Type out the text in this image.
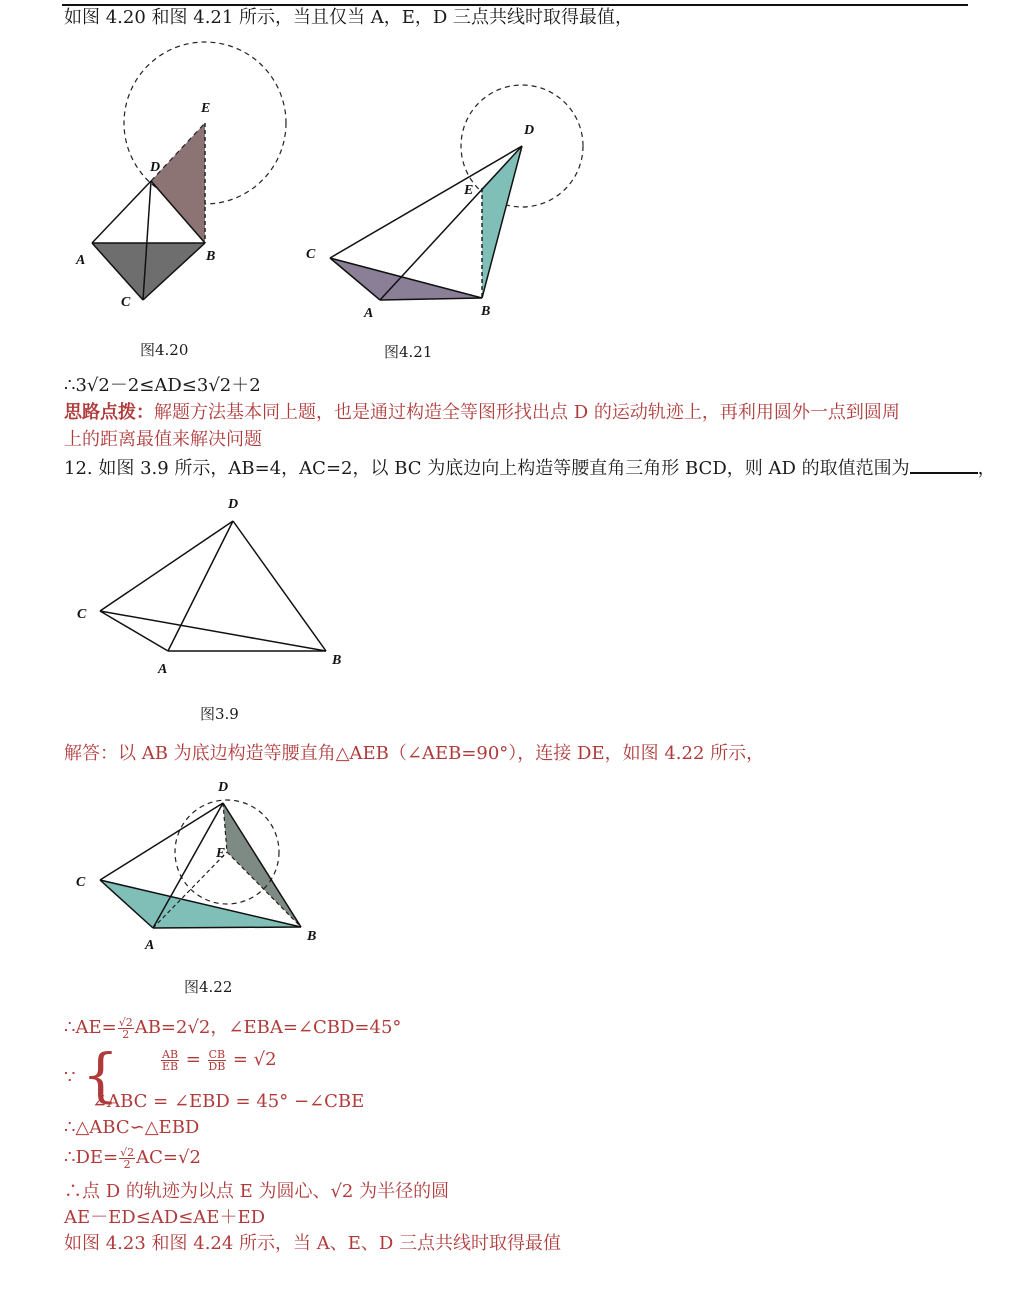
如图 4.20 和图 4.21 所示，当且仅当 A，E，D 三点共线时取得最值，
E
D
A	B
C
图4.20
D
E
C
A	B
图4.21
∴3√2－2≤AD≤3√2＋2
思路点拨：解题方法基本同上题，也是通过构造全等图形找出点 D 的运动轨迹上，再利用圆外一点到圆周
上的距离最值来解决问题
12. 如图 3.9 所示，AB=4，AC=2，以 BC 为底边向上构造等腰直角三角形 BCD，则 AD 的取值范围为	，
D
C
A
B
图3.9
解答：以 AB 为底边构造等腰直角△AEB（∠AEB=90°），连接 DE，如图 4.22 所示，
D
E
C
A
B
图4.22
∴AE= $\frac{√2}{2} AB=2√2$，∠EBA=∠CBD=45°
∵ {	$\frac{AB}{EB} = \frac{CB}{DB} = √2$
∠ABC = ∠EBD = 45° −∠CBE
∴△ABC∽△EBD
∴DE= $\frac{√2}{2} AC=√2$
∴点 D 的轨迹为以点 E 为圆心、√2 为半径的圆
AE－ED≤AD≤AE＋ED
如图 4.23 和图 4.24 所示，当 A、E、D 三点共线时取得最值
